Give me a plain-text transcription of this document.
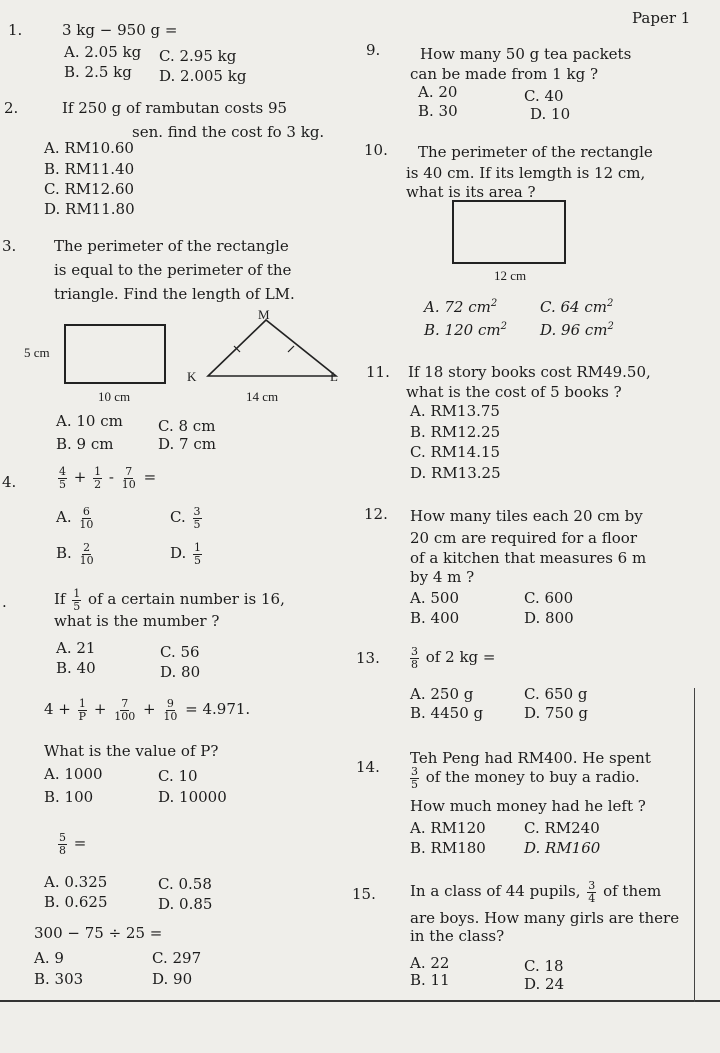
Paper 1
1.	3 kg − 950 g =
A. 2.05 kg
B. 2.5 kg
C. 2.95 kg
D. 2.005 kg
2.	If 250 g of rambutan costs 95
sen. find the cost fo 3 kg.
A. RM10.60
B. RM11.40
C. RM12.60
D. RM11.80
3.	The perimeter of the rectangle
is equal to the perimeter of the
triangle. Find the length of LM.
5 cm
10 cm
M
K	L
14 cm
A. 10 cm
B. 9 cm
C. 8 cm
D. 7 cm
4.	$\frac{4}{5} + \frac{1}{2} - \frac{7}{10}$ =
A. $\frac{6}{10}$
B. $\frac{2}{10}$
C. $\frac{3}{5}$
D. $\frac{1}{5}$
.	If $\frac{1}{5}$ of a certain number is 16,
what is the mumber ?
A. 21
B. 40
C. 56
D. 80
$4 + \frac{1}{P} + \frac{7}{100} + \frac{9}{10} = 4.971$.
What is the value of P?
A. 1000
B. 100
C. 10
D. 10000
$\frac{5}{8}$ =
A. 0.325
B. 0.625
C. 0.58
D. 0.85
300 − 75 ÷ 25 =
A. 9
B. 303
C. 297
D. 90
9.	How many 50 g tea packets
can be made from 1 kg ?
A. 20
B. 30
C. 40
D. 10
10. The perimeter of the rectangle
is 40 cm. If its lemgth is 12 cm,
what is its area ?
12 cm
A. 72 $cm^2$
B. 120 $cm^2$
C. 64 $cm^2$
D. 96 $cm^2$
11. If 18 story books cost RM49.50,
what is the cost of 5 books ?
A. RM13.75
B. RM12.25
C. RM14.15
D. RM13.25
12. How many tiles each 20 cm by
20 cm are required for a floor
of a kitchen that measures 6 m
by 4 m ?
A. 500
B. 400
C. 600
D. 800
13.	$\frac{3}{8}$ of 2 kg =
A. 250 g
B. 4450 g
C. 650 g
D. 750 g
14. Teh Peng had RM400. He spent
$\frac{3}{5}$ of the money to buy a radio.
How much money had he left ?
A. RM120
B. RM180
C. RM240
D. RM160
15. In a class of 44 pupils, $\frac{3}{4}$ of them
are boys. How many girls are there
in the class?
A. 22
B. 11
C. 18
D. 24
